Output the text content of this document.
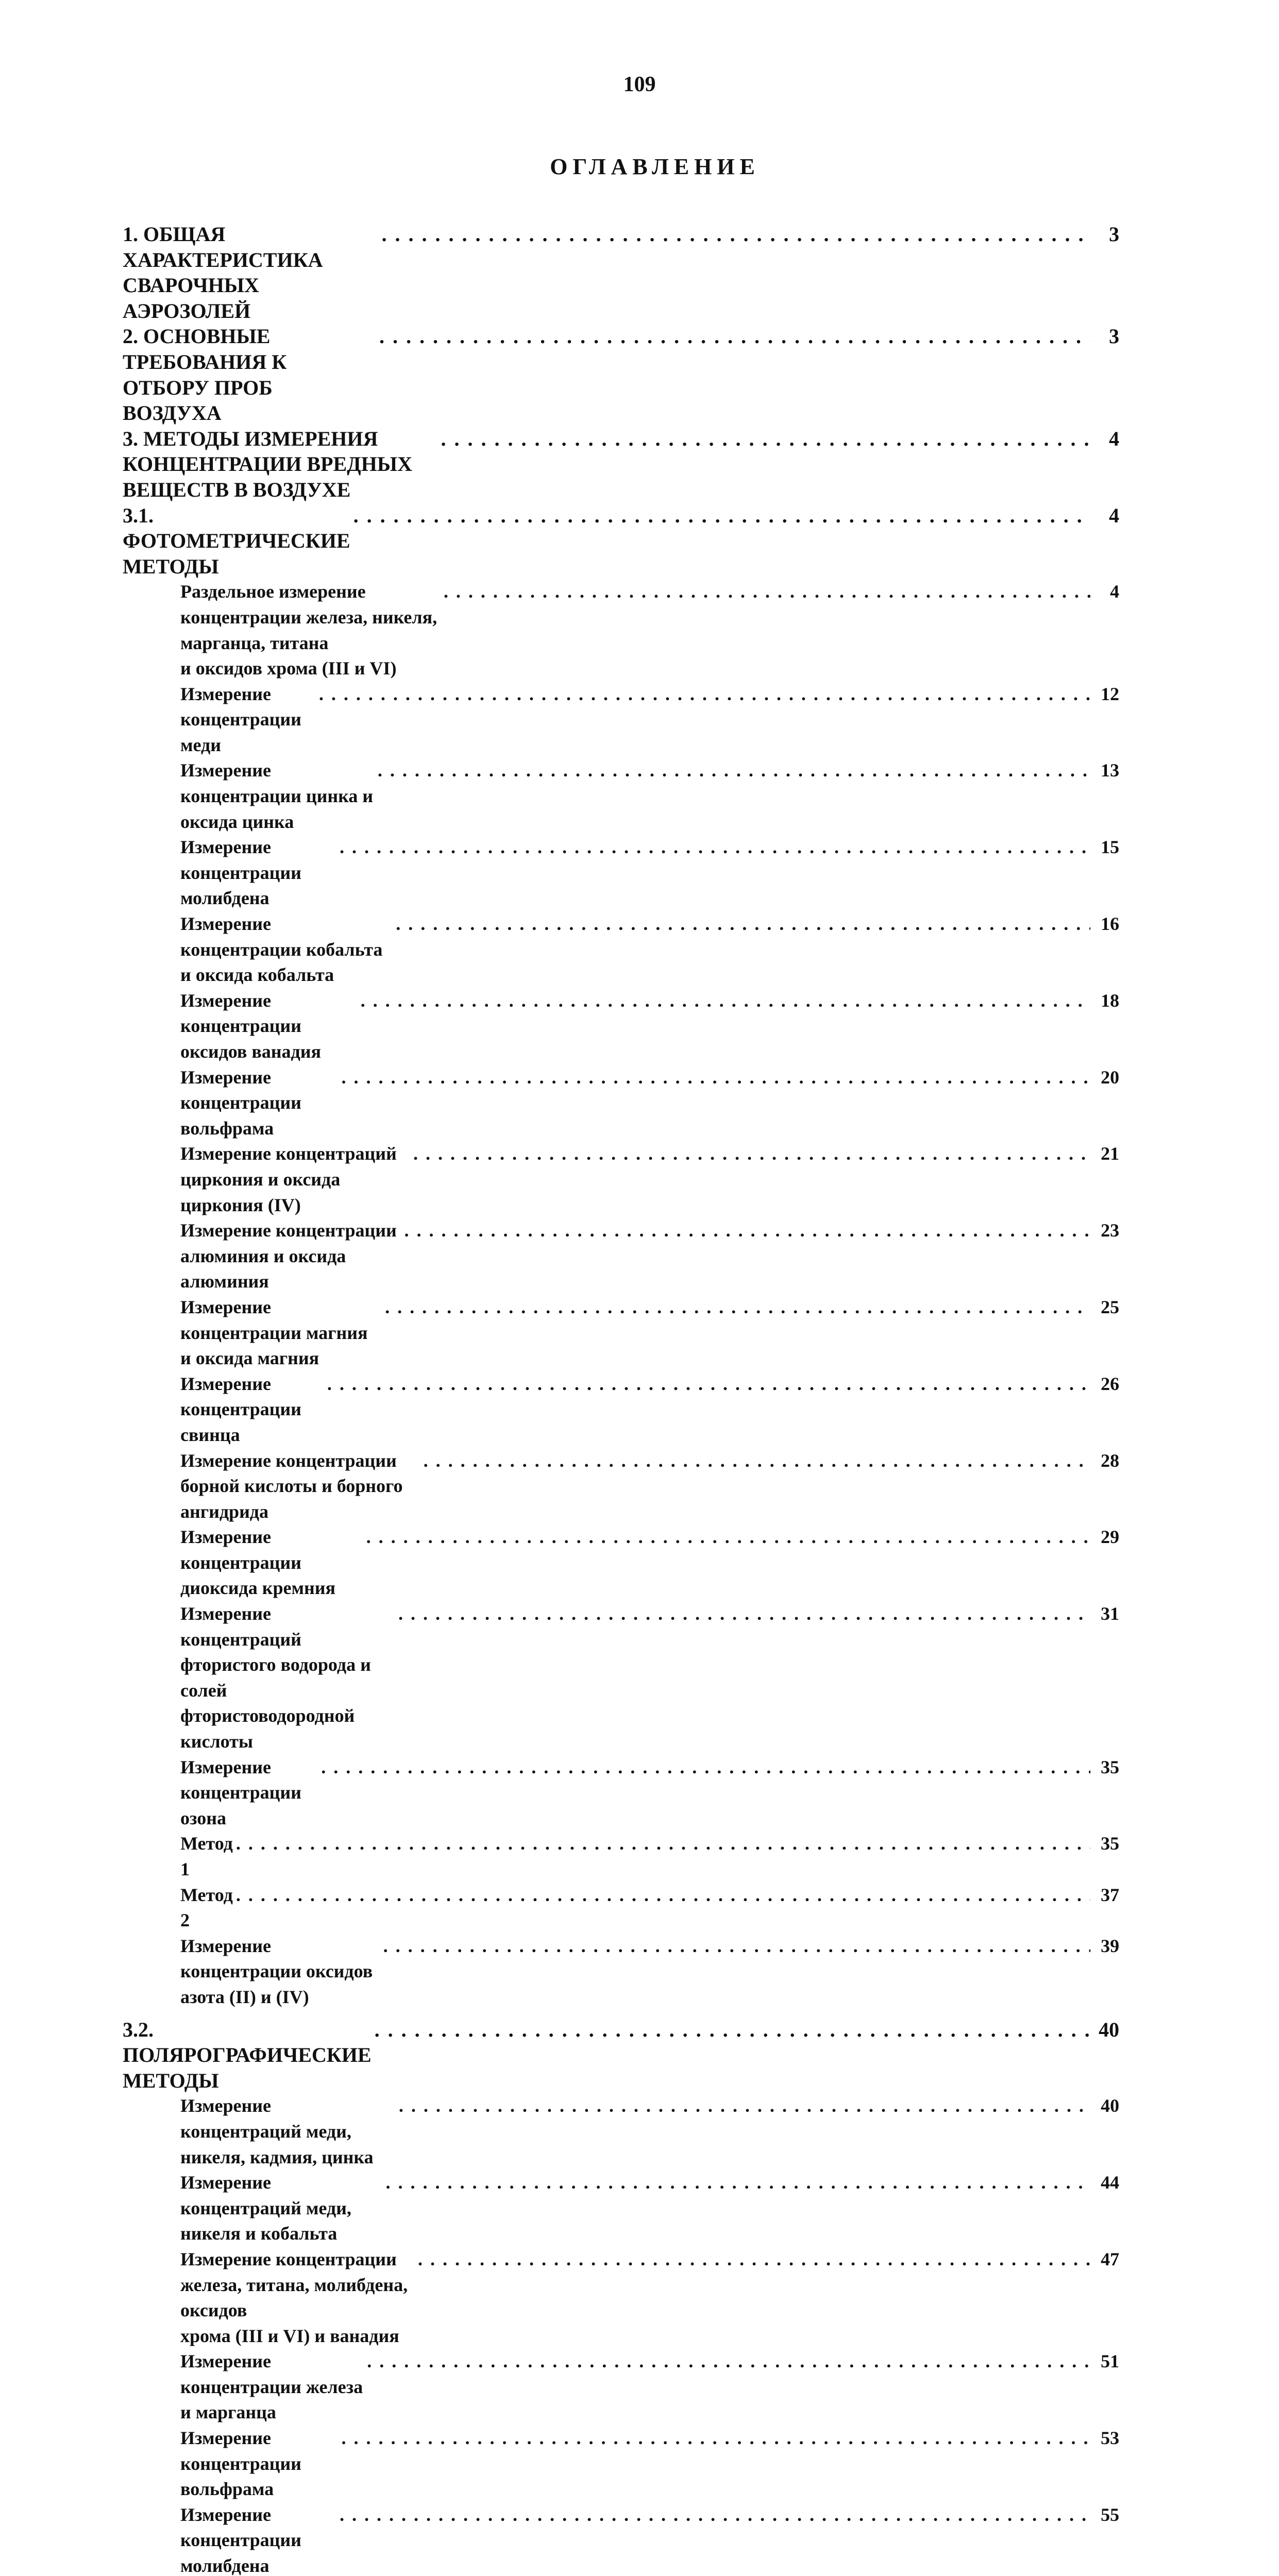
109
ОГЛАВЛЕНИЕ
1. ОБЩАЯ ХАРАКТЕРИСТИКА СВАРОЧНЫХ АЭРОЗОЛЕЙ
. . .
3
2. ОСНОВНЫЕ ТРЕБОВАНИЯ К ОТБОРУ ПРОБ ВОЗДУХА
. . .
3
3. МЕТОДЫ ИЗМЕРЕНИЯ КОНЦЕНТРАЦИИ ВРЕДНЫХ ВЕЩЕСТВ В ВОЗДУХЕ
. . .
4
3.1. ФОТОМЕТРИЧЕСКИЕ МЕТОДЫ
. . .
4
Раздельное измерение концентрации железа, никеля, марганца, титана
и оксидов хрома (III и VI)
. . .
4
Измерение концентрации меди
. . .
12
Измерение концентрации цинка и оксида цинка
. . .
13
Измерение концентрации молибдена
. . .
15
Измерение концентрации кобальта и оксида кобальта
. . .
16
Измерение концентрации оксидов ванадия
. . .
18
Измерение концентрации вольфрама
. . .
20
Измерение концентраций циркония и оксида циркония (IV)
. . .
21
Измерение концентрации алюминия и оксида алюминия
. . .
23
Измерение концентрации магния и оксида магния
. . .
25
Измерение концентрации свинца
. . .
26
Измерение концентрации борной кислоты и борного ангидрида
. . .
28
Измерение концентрации диоксида кремния
. . .
29
Измерение концентраций фтористого водорода и солей
фтористоводородной кислоты
. . .
31
Измерение концентрации озона
. . .
35
Метод 1
. . .
35
Метод 2
. . .
37
Измерение концентрации оксидов азота (II) и (IV)
. . .
39
3.2. ПОЛЯРОГРАФИЧЕСКИЕ МЕТОДЫ
. . .
40
Измерение концентраций меди, никеля, кадмия, цинка
. . .
40
Измерение концентраций меди, никеля и кобальта
. . .
44
Измерение концентрации железа, титана, молибдена, оксидов
хрома (III и VI) и ванадия
. . .
47
Измерение концентрации железа и марганца
. . .
51
Измерение концентрации вольфрама
. . .
53
Измерение концентрации молибдена
. . .
55
